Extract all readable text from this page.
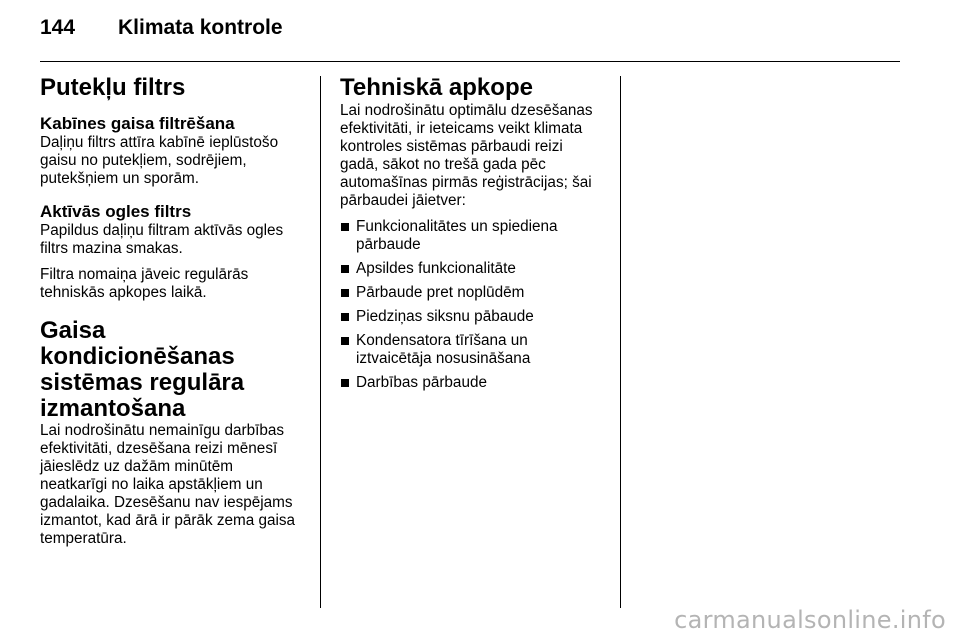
144 Klimata kontrole
Putekļu filtrs
Kabīnes gaisa filtrēšana

Daļiņu filtrs attīra kabīnē ieplūstošo
gaisu no putekļiem, sodrējiem,
putekšņiem un sporām.

Aktīvās ogles filtrs

Papildus daļiņu filtram aktīvās ogles
filtrs mazina smakas.

Filtra nomaiņa jāveic regulārās
tehniskās apkopes laikā.

Gaisa kondicionēšanas
sistēmas regulāra
izmantošana

Lai nodrošinātu nemainīgu darbības
efektivitāti, dzesēšana reizi mēnesī
jāieslēdz uz dažām minūtēm
neatkarīgi no laika apstākļiem un
gadalaika. Dzesēšanu nav iespējams
izmantot, kad ārā ir pārāk zema gaisa
temperatūra.

Tehniskā apkope

Lai nodrošinātu optimālu dzesēšanas
efektivitāti, ir ieteicams veikt klimata
kontroles sistēmas pārbaudi reizi
gadā, sākot no trešā gada pēc
automašīnas pirmās reģistrācijas; šai
pārbaudei jāietver:

Funkcionalitātes un spiediena
pārbaude
Apsildes funkcionalitāte
Pārbaude pret noplūdēm
Piedziņas siksnu pābaude
Kondensatora tīrīšana un
iztvaicētāja nosusināšana
Darbības pārbaude
carmanualsonline.info
